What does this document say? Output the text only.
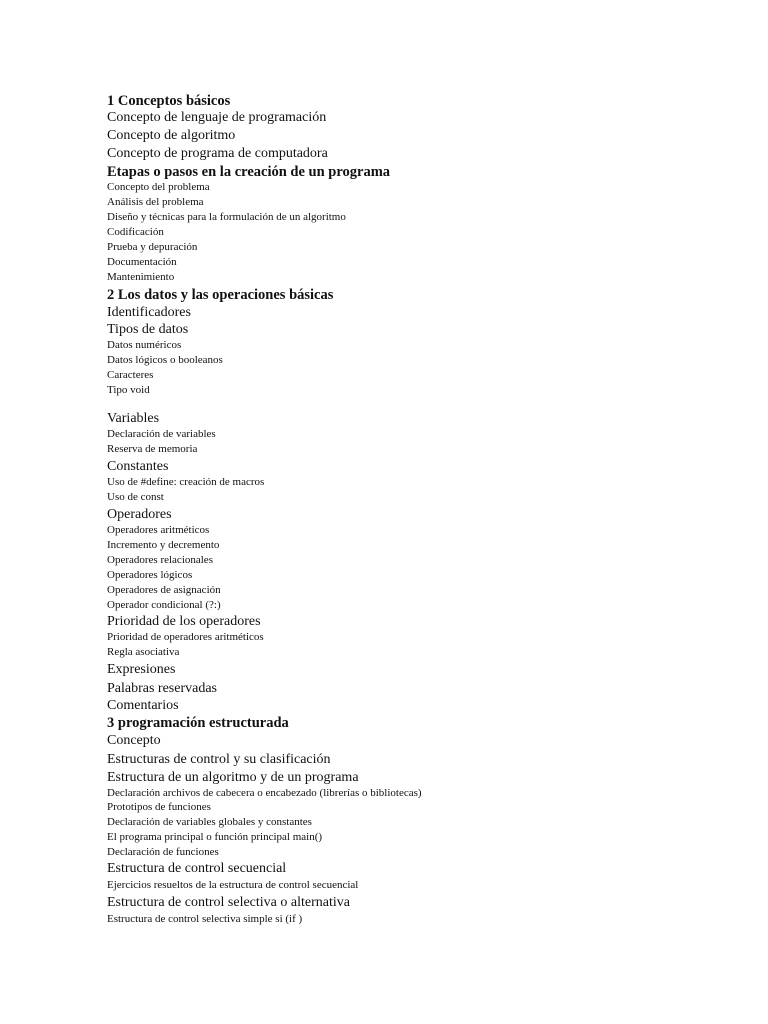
1 Conceptos básicos
Concepto de lenguaje de programación
Concepto de algoritmo
Concepto de programa de computadora
Etapas o pasos en la creación de un programa
Concepto del problema
Análisis del problema
Diseño y técnicas para la formulación de un algoritmo
Codificación
Prueba y depuración
Documentación
Mantenimiento
2 Los datos y las operaciones básicas
Identificadores
Tipos de datos
Datos numéricos
Datos lógicos o booleanos
Caracteres
Tipo void
Variables
Declaración de variables
Reserva de memoria
Constantes
Uso de #define: creación de macros
Uso de const
Operadores
Operadores aritméticos
Incremento y decremento
Operadores relacionales
Operadores lógicos
Operadores de asignación
Operador condicional (?:)
Prioridad de los operadores
Prioridad de operadores aritméticos
Regla asociativa
Expresiones
Palabras reservadas
Comentarios
3 programación estructurada
Concepto
Estructuras de control y su clasificación
Estructura de un algoritmo y de un programa
Declaración archivos de cabecera o encabezado (librerías o bibliotecas)
Prototipos de funciones
Declaración de variables globales y constantes
El programa principal o función principal main()
Declaración de funciones
Estructura de control secuencial
Ejercicios resueltos de la estructura de control secuencial
Estructura de control selectiva o alternativa
Estructura de control selectiva simple si (if )
